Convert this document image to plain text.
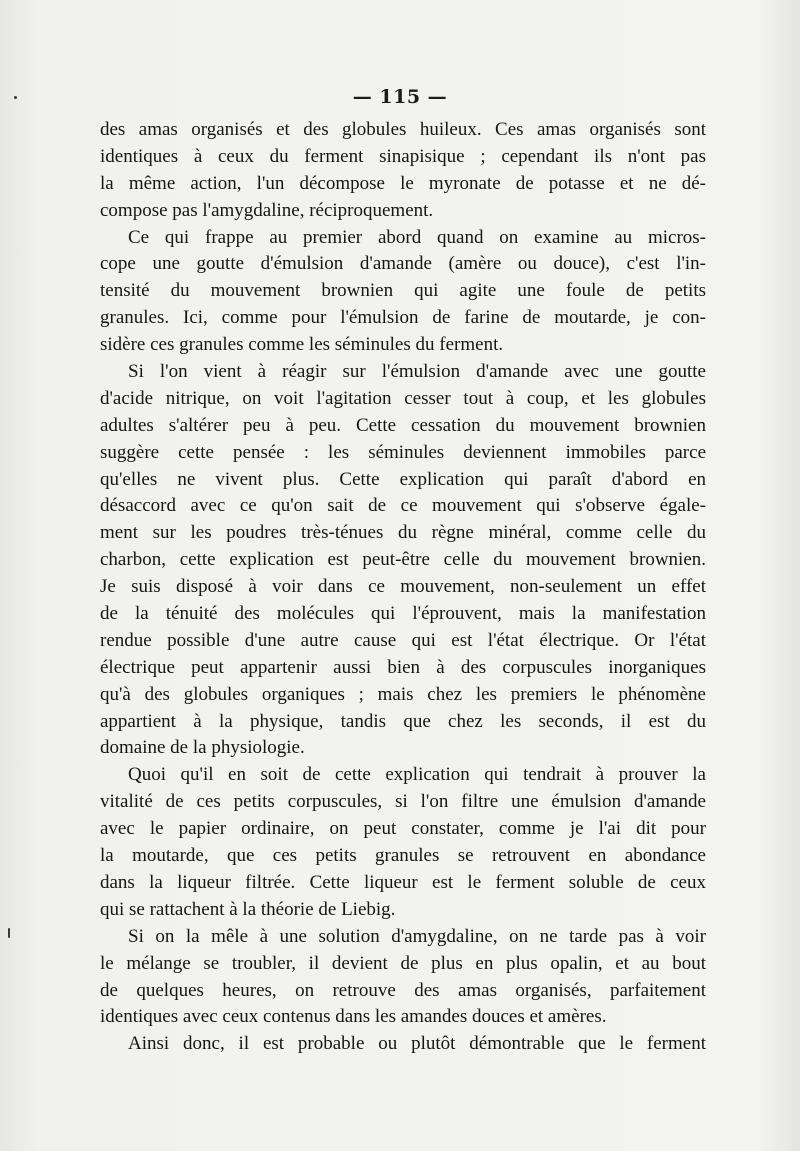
— 115 —
des amas organisés et des globules huileux. Ces amas organisés sont
identiques à ceux du ferment sinapisique ; cependant ils n'ont pas
la même action, l'un décompose le myronate de potasse et ne dé-
compose pas l'amygdaline, réciproquement.
Ce qui frappe au premier abord quand on examine au micros-
cope une goutte d'émulsion d'amande (amère ou douce), c'est l'in-
tensité du mouvement brownien qui agite une foule de petits
granules. Ici, comme pour l'émulsion de farine de moutarde, je con-
sidère ces granules comme les séminules du ferment.
Si l'on vient à réagir sur l'émulsion d'amande avec une goutte
d'acide nitrique, on voit l'agitation cesser tout à coup, et les globules
adultes s'altérer peu à peu. Cette cessation du mouvement brownien
suggère cette pensée : les séminules deviennent immobiles parce
qu'elles ne vivent plus. Cette explication qui paraît d'abord en
désaccord avec ce qu'on sait de ce mouvement qui s'observe égale-
ment sur les poudres très-ténues du règne minéral, comme celle du
charbon, cette explication est peut-être celle du mouvement brownien.
Je suis disposé à voir dans ce mouvement, non-seulement un effet
de la ténuité des molécules qui l'éprouvent, mais la manifestation
rendue possible d'une autre cause qui est l'état électrique. Or l'état
électrique peut appartenir aussi bien à des corpuscules inorganiques
qu'à des globules organiques ; mais chez les premiers le phénomène
appartient à la physique, tandis que chez les seconds, il est du
domaine de la physiologie.
Quoi qu'il en soit de cette explication qui tendrait à prouver la
vitalité de ces petits corpuscules, si l'on filtre une émulsion d'amande
avec le papier ordinaire, on peut constater, comme je l'ai dit pour
la moutarde, que ces petits granules se retrouvent en abondance
dans la liqueur filtrée. Cette liqueur est le ferment soluble de ceux
qui se rattachent à la théorie de Liebig.
Si on la mêle à une solution d'amygdaline, on ne tarde pas à voir
le mélange se troubler, il devient de plus en plus opalin, et au bout
de quelques heures, on retrouve des amas organisés, parfaitement
identiques avec ceux contenus dans les amandes douces et amères.
Ainsi donc, il est probable ou plutôt démontrable que le ferment
